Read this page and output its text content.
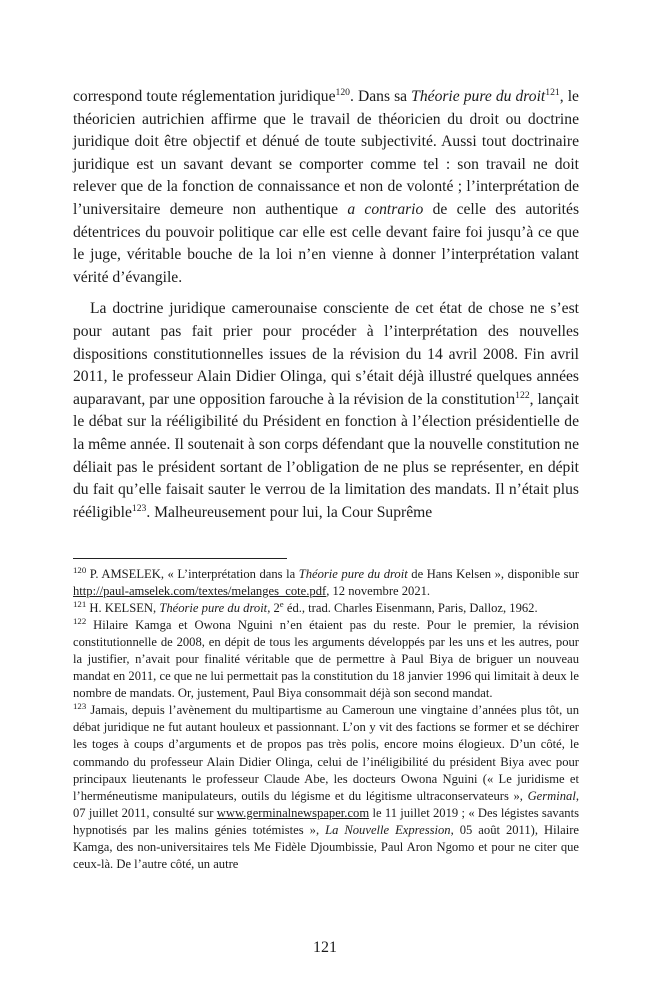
correspond toute réglementation juridique$^{120}$. Dans sa Théorie pure du droit$^{121}$, le théoricien autrichien affirme que le travail de théoricien du droit ou doctrine juridique doit être objectif et dénué de toute subjectivité. Aussi tout doctrinaire juridique est un savant devant se comporter comme tel : son travail ne doit relever que de la fonction de connaissance et non de volonté ; l’interprétation de l’universitaire demeure non authentique a contrario de celle des autorités détentrices du pouvoir politique car elle est celle devant faire foi jusqu’à ce que le juge, véritable bouche de la loi n’en vienne à donner l’interprétation valant vérité d’évangile.

La doctrine juridique camerounaise consciente de cet état de chose ne s’est pour autant pas fait prier pour procéder à l’interprétation des nouvelles dispositions constitutionnelles issues de la révision du 14 avril 2008. Fin avril 2011, le professeur Alain Didier Olinga, qui s’était déjà illustré quelques années auparavant, par une opposition farouche à la révision de la constitution$^{122}$, lançait le débat sur la rééligibilité du Président en fonction à l’élection présidentielle de la même année. Il soutenait à son corps défendant que la nouvelle constitution ne déliait pas le président sortant de l’obligation de ne plus se représenter, en dépit du fait qu’elle faisait sauter le verrou de la limitation des mandats. Il n’était plus rééligible$^{123}$. Malheureusement pour lui, la Cour Suprême

$^{120}$ P. AMSELEK, « L’interprétation dans la Théorie pure du droit de Hans Kelsen », disponible sur http://paul-amselek.com/textes/melanges_cote.pdf, 12 novembre 2021.

$^{121}$ H. KELSEN, Théorie pure du droit, 2e éd., trad. Charles Eisenmann, Paris, Dalloz, 1962.

$^{122}$ Hilaire Kamga et Owona Nguini n’en étaient pas du reste. Pour le premier, la révision constitutionnelle de 2008, en dépit de tous les arguments développés par les uns et les autres, pour la justifier, n’avait pour finalité véritable que de permettre à Paul Biya de briguer un nouveau mandat en 2011, ce que ne lui permettait pas la constitution du 18 janvier 1996 qui limitait à deux le nombre de mandats. Or, justement, Paul Biya consommait déjà son second mandat.

$^{123}$ Jamais, depuis l’avènement du multipartisme au Cameroun une vingtaine d’années plus tôt, un débat juridique ne fut autant houleux et passionnant. L’on y vit des factions se former et se déchirer les toges à coups d’arguments et de propos pas très polis, encore moins élogieux. D’un côté, le commando du professeur Alain Didier Olinga, celui de l’inéligibilité du président Biya avec pour principaux lieutenants le professeur Claude Abe, les docteurs Owona Nguini (« Le juridisme et l’herméneutisme manipulateurs, outils du légisme et du légitisme ultraconservateurs », Germinal, 07 juillet 2011, consulté sur www.germinalnewspaper.com le 11 juillet 2019 ; « Des légistes savants hypnotisés par les malins génies totémistes », La Nouvelle Expression, 05 août 2011), Hilaire Kamga, des non-universitaires tels Me Fidèle Djoumbissie, Paul Aron Ngomo et pour ne citer que ceux-là. De l’autre côté, un autre

121
